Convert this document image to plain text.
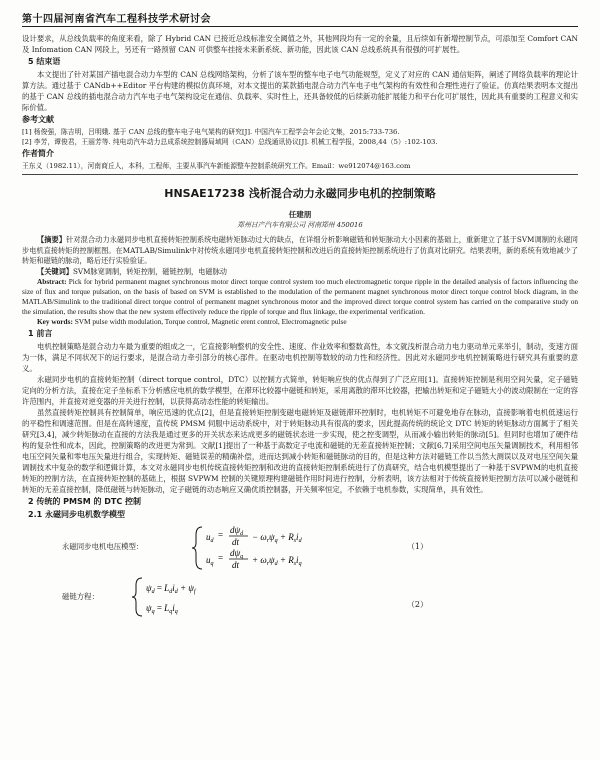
第十四届河南省汽车工程科技学术研讨会

设计要求，从总线负载率的角度来看，除了 Hybrid CAN 已接近总线标准安全阈值之外，其他网段均有一定的余量，且后续如有新增控制节点，可添加至 Comfort CAN 及 Infomation CAN 网段上，另还有一路预留 CAN 可供整车挂接未来新系统、新功能，因此该 CAN 总线系统具有很强的可扩展性。

5 结束语

本文提出了针对某国产插电混合动力车型的 CAN 总线网络架构，分析了该车型的整车电子电气功能规型，定义了对应的 CAN 通信矩阵，阐述了网络负载率的理论计算方法。通过基于 CANdb++Editor 平台构建的模拟仿真环境，对本文提出的某款插电混合动力汽车电子电气架构的有效性和合理性进行了验证。仿真结果表明本文提出的基于 CAN 总线的插电混合动力汽车电子电气架构设定在通信、负载率、实时性上，还具备较低的后续新功能扩展能力和平台化可扩展性，因此具有重要的工程意义和实际价值。

参考文献

[1] 杨俊强，陈吉明，吕明娥. 基于 CAN 总线的整车电子电气架构的研究[J]. 中国汽车工程学会年会论文集，2015:733-736.

[2] 李芳，谭俊君，王丽芳等. 纯电动汽车动力总成系统控制器局域网（CAN）总线通讯协议[J]. 机械工程学报，2008,44（5）:102-103.

作者简介

王东义（1982.11），河南商丘人，本科，工程师，主要从事汽车新能源整车控制系统研究工作。Email：we912074@163.com

HNSAE17238 浅析混合动力永磁同步电机的控制策略
任建朋
郑州日产汽车有限公司 河南郑州 450016

【摘要】针对混合动力永磁同步电机直接转矩控制系统电磁转矩脉动过大的缺点，在详细分析影响磁链和转矩脉动大小因素的基础上，重新建立了基于SVM调制的永磁同步电机直接转矩的控制框图。在MATLAB/Simulink中对传统永磁同步电机直接转矩控制和改进后的直接转矩控制系统进行了仿真对比研究。结果表明，新的系统有效地减少了转矩和磁链的脉动，略后还行实验验证。

【关键词】SVM脉宽调制，转矩控制，磁链控制，电磁脉动

Abstract: Pick for hybrid permanent magnet synchronous motor direct torque control system too much electromagnetic torque ripple in the detailed analysis of factors influencing the size of flux and torque pulsation, on the basis of based on SVM is established to the modulation of the permanent magnet synchronous motor direct torque control block diagram, in the MATLAB/Simulink to the traditional direct torque control of permanent magnet synchronous motor and the improved direct torque control system has carried on the comparative study on the simulation, the results show that the new system effectively reduce the ripple of torque and flux linkage, the experimental verification.

Key words: SVM pulse width modulation, Torque control, Magnetic erent control, Electromagnetic pulse

1 前言

电机控制策略是混合动力车最为重要的组成之一，它直接影响整机的安全性、速度、作业效率和整数高性，本文就浅析混合动力电力驱动单元来举引，制动，变速方面为一体，满足不同状况下的运行要求，是混合动力牵引部分的核心部件。在驱动电机控制等数较的动力性和经济性。因此对永磁同步电机控制策略进行研究具有重要的意义。

永磁同步电机的直接转矩控制（direct torque control，DTC）以控制方式简单，转矩响应快的优点得到了广泛应用[1]。直接转矩控制是利用空间矢量，定子磁链定向的分析方法，直接在定子坐标系下分析感应电机的数学模型，在滞环比较器中磁链和转矩，采用离散的滞环比较器，把输出转矩和定子磁链大小的波动限制在一定的容许范围内，并直接对逆变器的开关进行控制，以获得高动态性能的转矩输出。

虽然直接转矩控制具有控制简单，响应迅速的优点[2]，但是直接转矩控制变磁电磁转矩及磁链滞环控制时，电机转矩不可避免地存在脉动，直接影响着电机低速运行的平稳性和调速范围。但是在高转速度，直传统 PMSM 伺服中运动系统中，对于转矩脉动具有很高的要求，因此提高传统的统论文 DTC 转矩的转矩脉动方面属于了相关研究[3,4]，减少转矩脉动在直接的方法我是通过更多的开关状态来达成更多的磁链状态进一步实现，使之控变调型，从而减小输出转矩的脉动[5]。但同时也增加了硬件结构的复杂性和成本，因此，控制策略的改进更为常到。文献[1]提出了一种基于高数定子电流和磁链的无差直接转矩控制；文献[6,7]采用空间电压矢量调制技术，利用相邻电压空间矢量和零电压矢量进行组合，实现转矩、磁链误差的精确补偿，进而达到减小转矩和磁链脉动的目的，但是这种方法对磁链工作以当然大测误以及对电压空间矢量调制技术中复杂的数学和逻辑计算，本文对永磁同步电机传统直接转矩控制和改进的直接转矩控制系统进行了仿真研究，结合电机模型提出了一种基于SVPWM的电机直接转矩的控制方法，在直接转矩控制的基础上，根据 SVPWM 控制的关键原理构建磁链作用时间进行控制，分析表明，该方法相对于传统直接转矩控制方法可以减小磁链和转矩的无差直接控制，降低磁链与转矩脉动，定子磁链的动态响应又确优质控制器，开关频率恒定，不依赖于电机参数，实现简单，具有效性。

2 传统的 PMSM 的 DTC 控制
2.1 永磁同步电机数学模型
永磁同步电机电压模型：
$u_d$
= $d\psi_d$
dt − $\omega_r\psi_q + R_si_d$
$u_q$
= $d\psi_q$
dt + $\omega_r\psi_d + R_si_q$
（1）
磁链方程：
$\psi_d = L_di_d + \psi_f$
$\psi_q = L_qi_q$
（2）
